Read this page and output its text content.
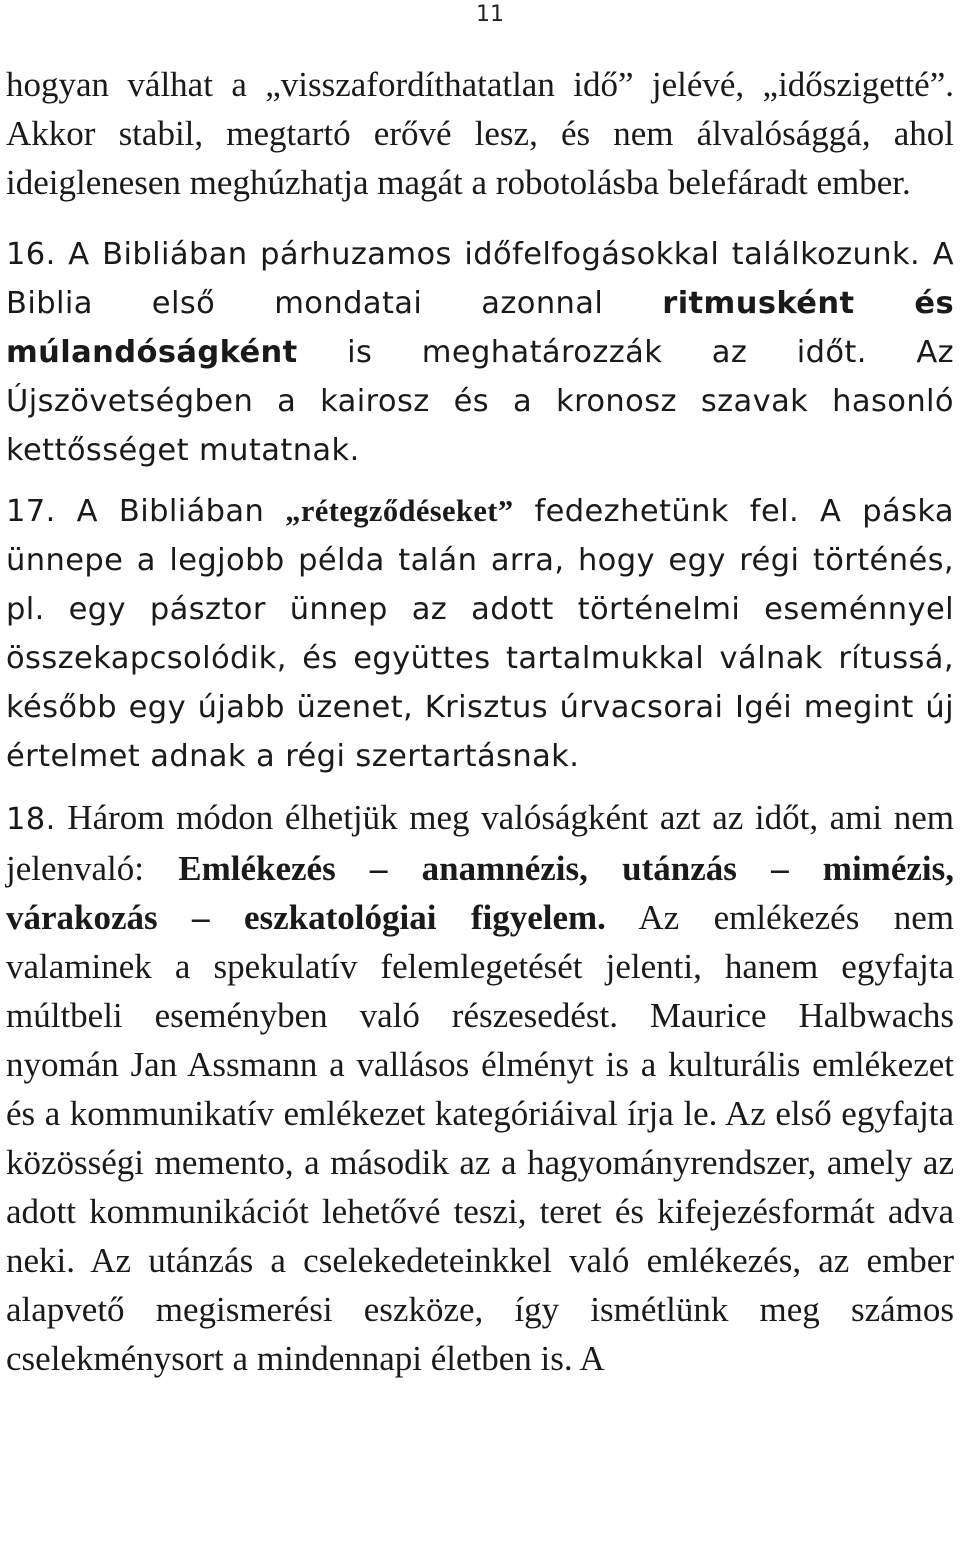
11

hogyan válhat a „visszafordíthatatlan idő” jelévé, „időszigetté”. Akkor stabil, megtartó erővé lesz, és nem álvalósággá, ahol ideiglenesen meghúzhatja magát a robotolásba belefáradt ember.

16. A Bibliában párhuzamos időfelfogásokkal találkozunk. A Biblia első mondatai azonnal ritmusként és múlandóságként is meghatározzák az időt. Az Újszövetségben a kairosz és a kronosz szavak hasonló kettősséget mutatnak.

17. A Bibliában „rétegződéseket” fedezhetünk fel. A páska ünnepe a legjobb példa talán arra, hogy egy régi történés, pl. egy pásztor ünnep az adott történelmi eseménnyel összekapcsolódik, és együttes tartalmukkal válnak rítussá, később egy újabb üzenet, Krisztus úrvacsorai Igéi megint új értelmet adnak a régi szertartásnak.

18. Három módon élhetjük meg valóságként azt az időt, ami nem jelenvaló: Emlékezés – anamnézis, utánzás – mimézis, várakozás – eszkatológiai figyelem. Az emlékezés nem valaminek a spekulatív felemlegetését jelenti, hanem egyfajta múltbeli eseményben való részesedést. Maurice Halbwachs nyomán Jan Assmann a vallásos élményt is a kulturális emlékezet és a kommunikatív emlékezet kategóriáival írja le. Az első egyfajta közösségi memento, a második az a hagyományrendszer, amely az adott kommunikációt lehetővé teszi, teret és kifejezésformát adva neki. Az utánzás a cselekedeteinkkel való emlékezés, az ember alapvető megismerési eszköze, így ismétlünk meg számos cselekménysort a mindennapi életben is. A
